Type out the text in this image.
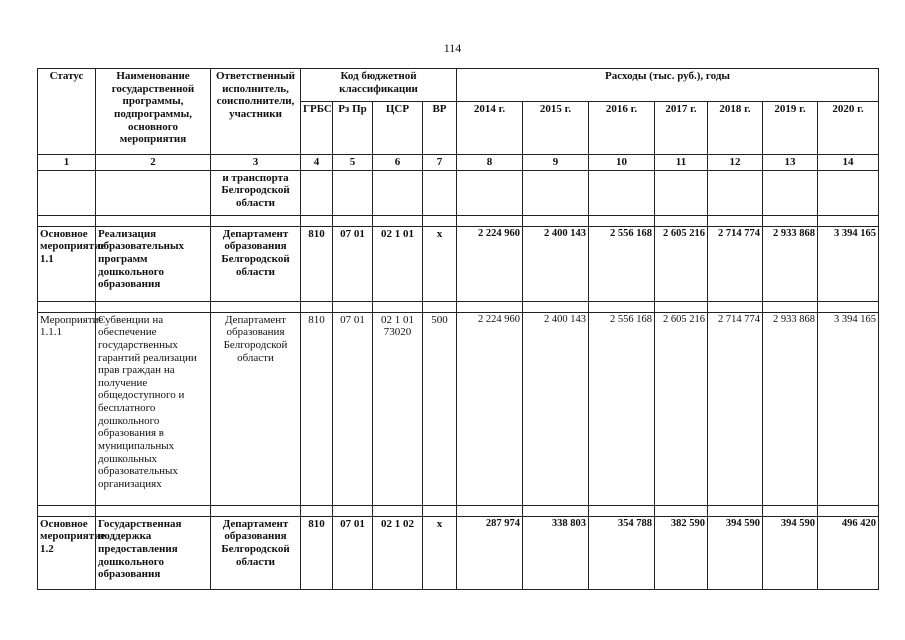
114
Статус	Наименование государственной программы, подпрограммы, основного мероприятия	Ответственный исполнитель, соисполнители, участники	Код бюджетной классификации				Расходы (тыс. руб.), годы						
			ГРБС	Рз Пр	ЦСР	ВР	2014 г.	2015 г.	2016 г.	2017 г.	2018 г.	2019 г.	2020 г.
1	2	3	4	5	6	7	8	9	10	11	12	13	14
		и транспорта Белгородской области											

Основное мероприятие 1.1	Реализация образовательных программ дошкольного образования	Департамент образования Белгородской области	810	07 01	02 1 01	х	2 224 960	2 400 143	2 556 168	2 605 216	2 714 774	2 933 868	3 394 165

Мероприятие 1.1.1	Субвенции на обеспечение государственных гарантий реализации прав граждан на получение общедоступного и бесплатного дошкольного образования в муниципальных дошкольных образовательных организациях	Департамент образования Белгородской области	810	07 01	02 1 01 73020	500	2 224 960	2 400 143	2 556 168	2 605 216	2 714 774	2 933 868	3 394 165

Основное мероприятие 1.2	Государственная поддержка предоставления дошкольного образования	Департамент образования Белгородской области	810	07 01	02 1 02	х	287 974	338 803	354 788	382 590	394 590	394 590	496 420
